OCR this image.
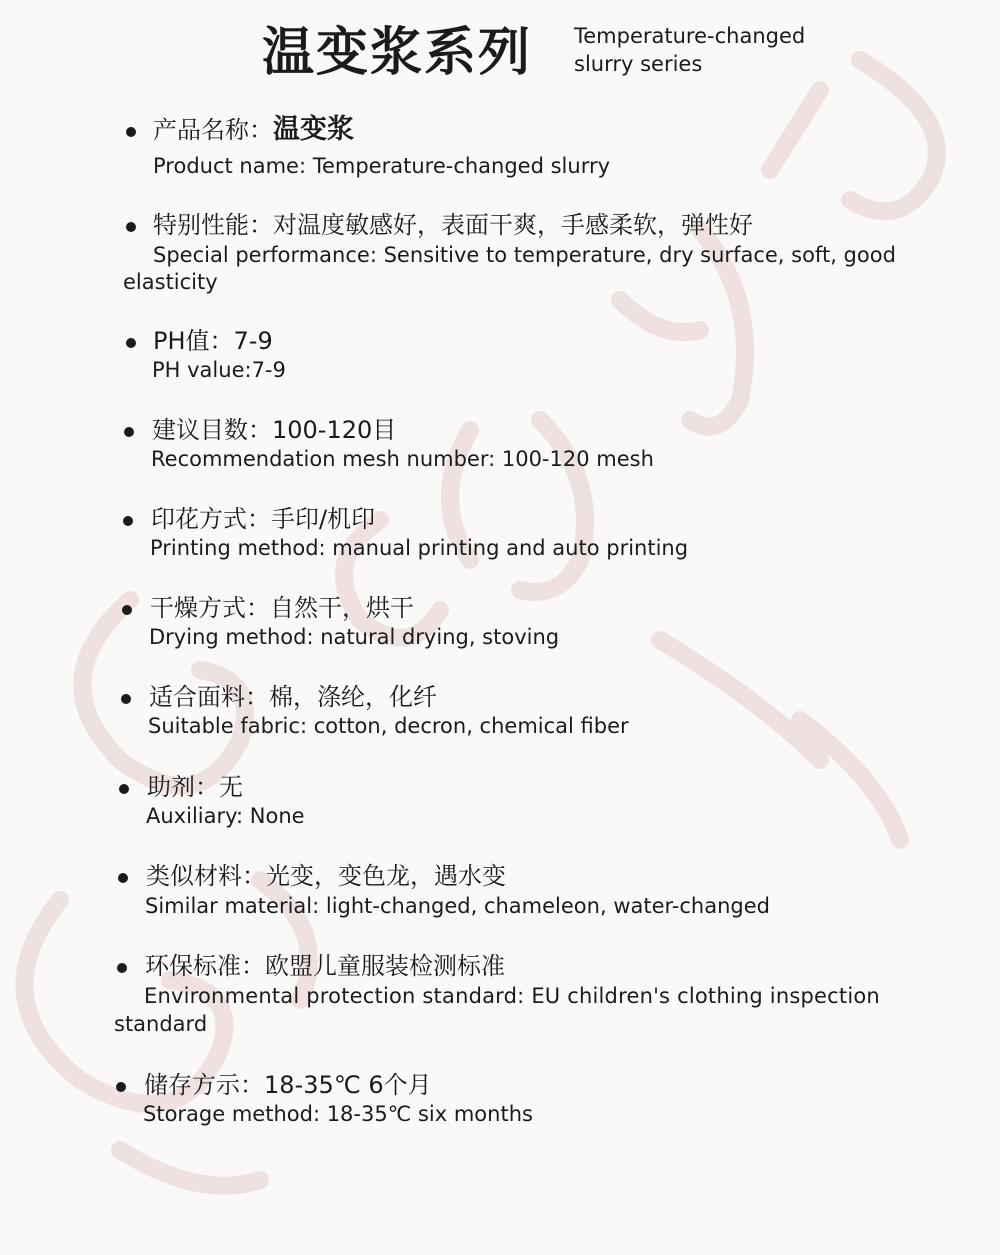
温变浆系列 Temperature-changed
slurry series
产品名称：温变浆
Product name: Temperature-changed slurry
特别性能：对温度敏感好，表面干爽，手感柔软，弹性好
Special performance: Sensitive to temperature, dry surface, soft, good
elasticity
PH值：7-9
PH value:7-9
建议目数：100-120目
Recommendation mesh number: 100-120 mesh
印花方式：手印/机印
Printing method: manual printing and auto printing
干燥方式：自然干，烘干
Drying method: natural drying, stoving
适合面料：棉，涤纶，化纤
Suitable fabric: cotton, decron, chemical fiber
助剂：无
Auxiliary: None
类似材料：光变，变色龙，遇水变
Similar material: light-changed, chameleon, water-changed
环保标准：欧盟儿童服装检测标准
Environmental protection standard: EU children's clothing inspection
standard
储存方示：18-35℃ 6个月
Storage method: 18-35℃ six months
